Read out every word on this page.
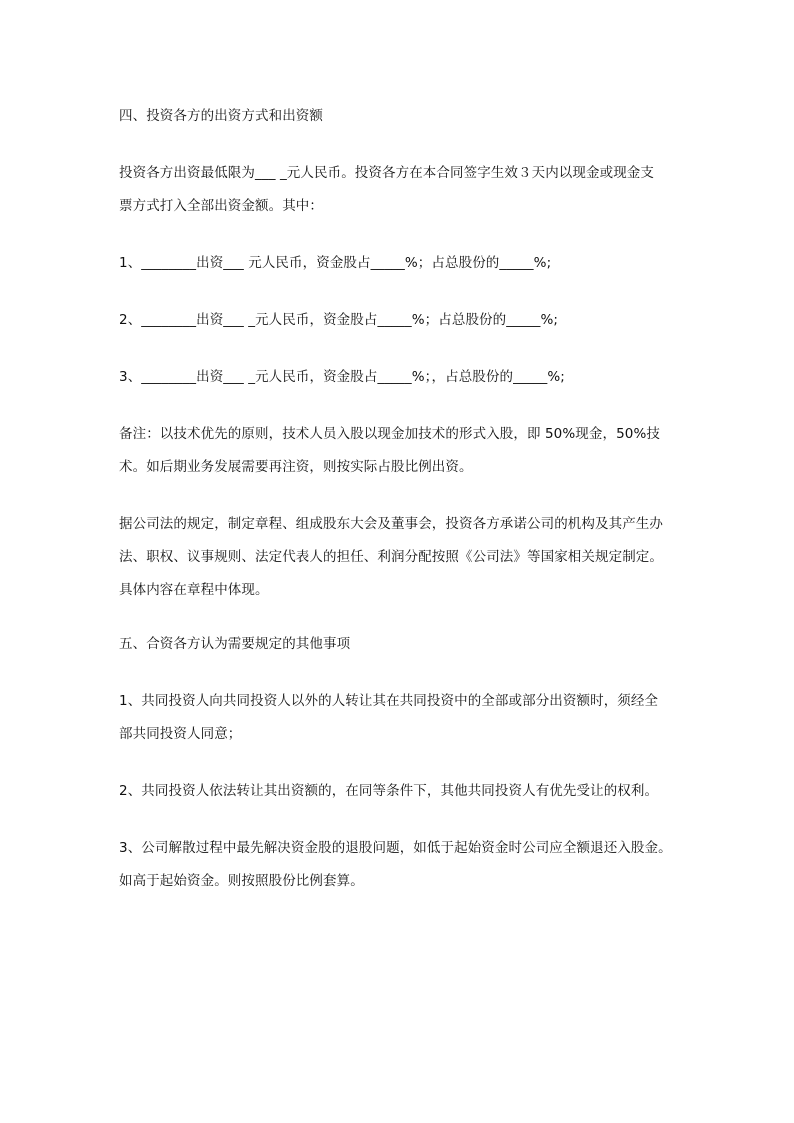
四、投资各方的出资方式和出资额

投资各方出资最低限为___ _元人民币。投资各方在本合同签字生效３天内以现金或现金支

票方式打入全部出资金额。其中：

1、________出资___ 元人民币，资金股占_____%；占总股份的_____%;

2、________出资___ _元人民币，资金股占_____%；占总股份的_____%;

3、________出资___ _元人民币，资金股占_____%；，占总股份的_____%;

备注：以技术优先的原则，技术人员入股以现金加技术的形式入股，即 50%现金，50%技

术。如后期业务发展需要再注资，则按实际占股比例出资。

据公司法的规定，制定章程、组成股东大会及董事会，投资各方承诺公司的机构及其产生办

法、职权、议事规则、法定代表人的担任、利润分配按照《公司法》等国家相关规定制定。

具体内容在章程中体现。

五、合资各方认为需要规定的其他事项

1、共同投资人向共同投资人以外的人转让其在共同投资中的全部或部分出资额时，须经全

部共同投资人同意；

2、共同投资人依法转让其出资额的，在同等条件下，其他共同投资人有优先受让的权利。

3、公司解散过程中最先解决资金股的退股问题，如低于起始资金时公司应全额退还入股金。

如高于起始资金。则按照股份比例套算。
